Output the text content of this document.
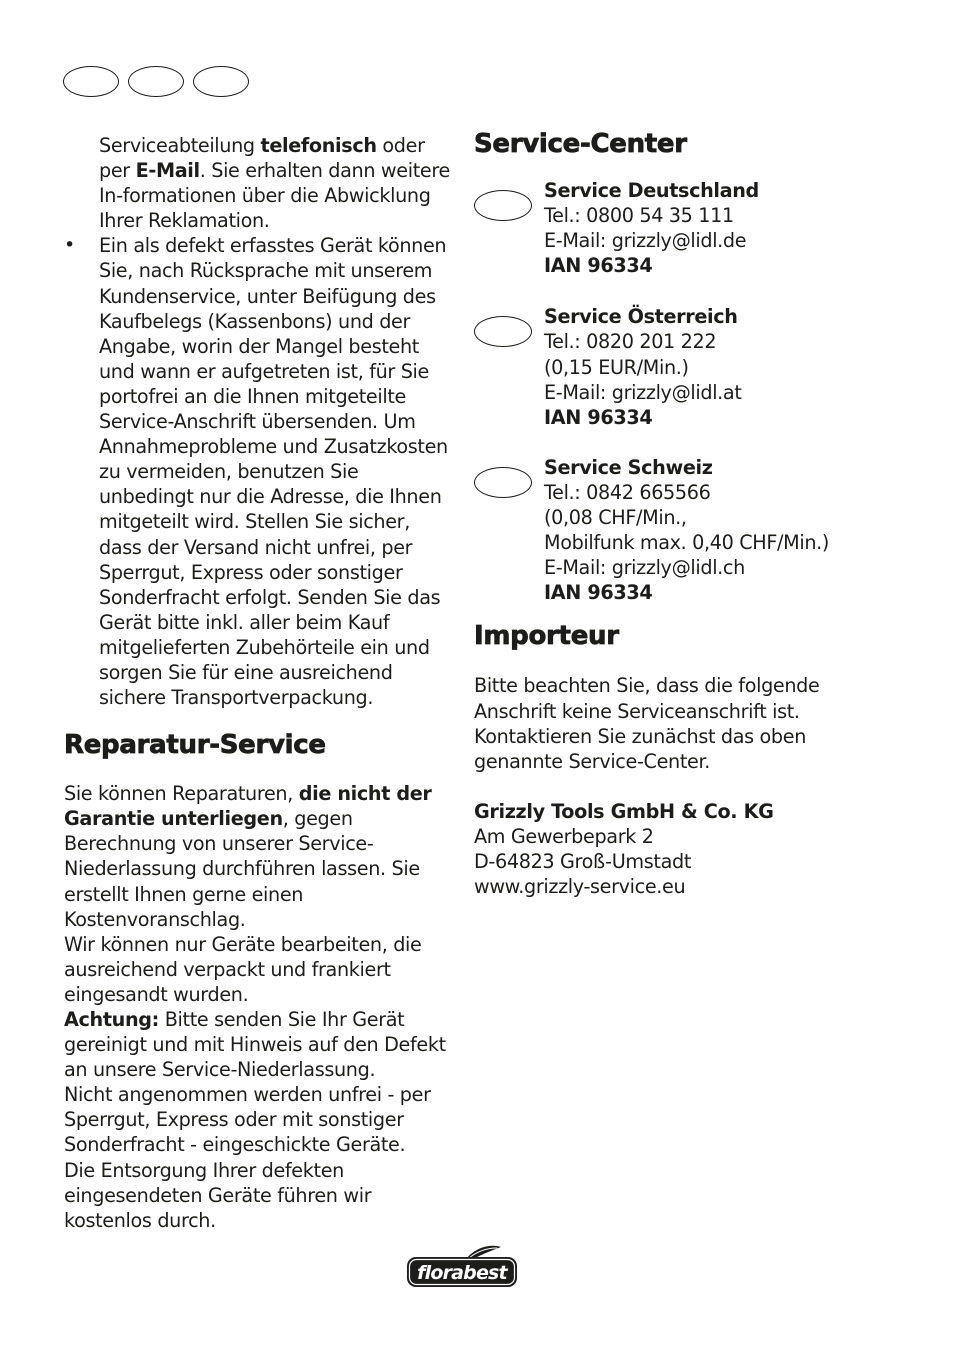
Serviceabteilung telefonisch oder per E-Mail. Sie erhalten dann weitere In-formationen über die Abwicklung Ihrer Reklamation.

• Ein als defekt erfasstes Gerät können Sie, nach Rücksprache mit unserem Kundenservice, unter Beifügung des Kaufbelegs (Kassenbons) und der Angabe, worin der Mangel besteht und wann er aufgetreten ist, für Sie portofrei an die Ihnen mitgeteilte Service-Anschrift übersenden. Um Annahmeprobleme und Zusatzkosten zu vermeiden, benutzen Sie unbedingt nur die Adresse, die Ihnen mitgeteilt wird. Stellen Sie sicher, dass der Versand nicht unfrei, per Sperrgut, Express oder sonstiger Sonderfracht erfolgt. Senden Sie das Gerät bitte inkl. aller beim Kauf mitgelieferten Zubehörteile ein und sorgen Sie für eine ausreichend sichere Transportverpackung.

Reparatur-Service

Sie können Reparaturen, die nicht der Garantie unterliegen, gegen Berechnung von unserer Service-Niederlassung durchführen lassen. Sie erstellt Ihnen gerne einen Kostenvoranschlag.

Wir können nur Geräte bearbeiten, die ausreichend verpackt und frankiert eingesandt wurden.

Achtung: Bitte senden Sie Ihr Gerät gereinigt und mit Hinweis auf den Defekt an unsere Service-Niederlassung.

Nicht angenommen werden unfrei - per Sperrgut, Express oder mit sonstiger Sonderfracht - eingeschickte Geräte.

Die Entsorgung Ihrer defekten eingesendeten Geräte führen wir kostenlos durch.

Service-Center

Service Deutschland

Tel.: 0800 54 35 111

E-Mail: grizzly@lidl.de

IAN 96334

Service Österreich

Tel.: 0820 201 222

(0,15 EUR/Min.)

E-Mail: grizzly@lidl.at

IAN 96334

Service Schweiz

Tel.: 0842 665566

(0,08 CHF/Min.,

Mobilfunk max. 0,40 CHF/Min.)

E-Mail: grizzly@lidl.ch

IAN 96334

Importeur

Bitte beachten Sie, dass die folgende Anschrift keine Serviceanschrift ist. Kontaktieren Sie zunächst das oben genannte Service-Center.

Grizzly Tools GmbH & Co. KG

Am Gewerbepark 2

D-64823 Groß-Umstadt

www.grizzly-service.eu

florabest
